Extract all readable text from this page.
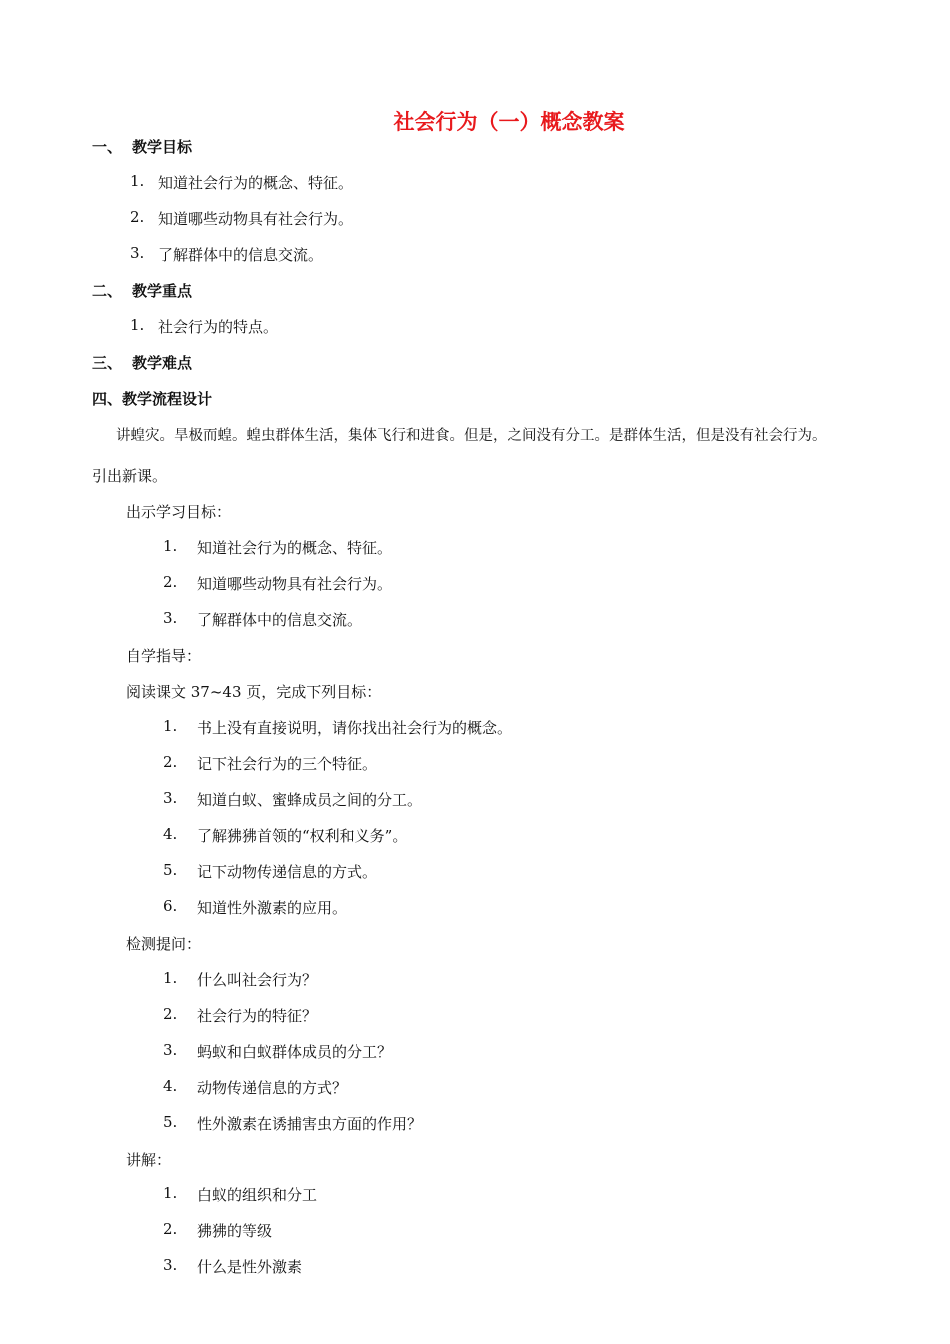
社会行为（一）概念教案
一、 教学目标
1. 知道社会行为的概念、特征。
2. 知道哪些动物具有社会行为。
3. 了解群体中的信息交流。
二、 教学重点
1. 社会行为的特点。
三、 教学难点
四、教学流程设计
讲蝗灾。旱极而蝗。蝗虫群体生活，集体飞行和进食。但是，之间没有分工。是群体生活，但是没有社会行为。
引出新课。
出示学习目标：
1. 知道社会行为的概念、特征。
2. 知道哪些动物具有社会行为。
3. 了解群体中的信息交流。
自学指导：
阅读课文 37~43 页，完成下列目标：
1. 书上没有直接说明，请你找出社会行为的概念。
2. 记下社会行为的三个特征。
3. 知道白蚁、蜜蜂成员之间的分工。
4. 了解狒狒首领的“权利和义务”。
5. 记下动物传递信息的方式。
6. 知道性外激素的应用。
检测提问：
1. 什么叫社会行为？
2. 社会行为的特征？
3. 蚂蚁和白蚁群体成员的分工？
4. 动物传递信息的方式？
5. 性外激素在诱捕害虫方面的作用？
讲解：
1. 白蚁的组织和分工
2. 狒狒的等级
3. 什么是性外激素
